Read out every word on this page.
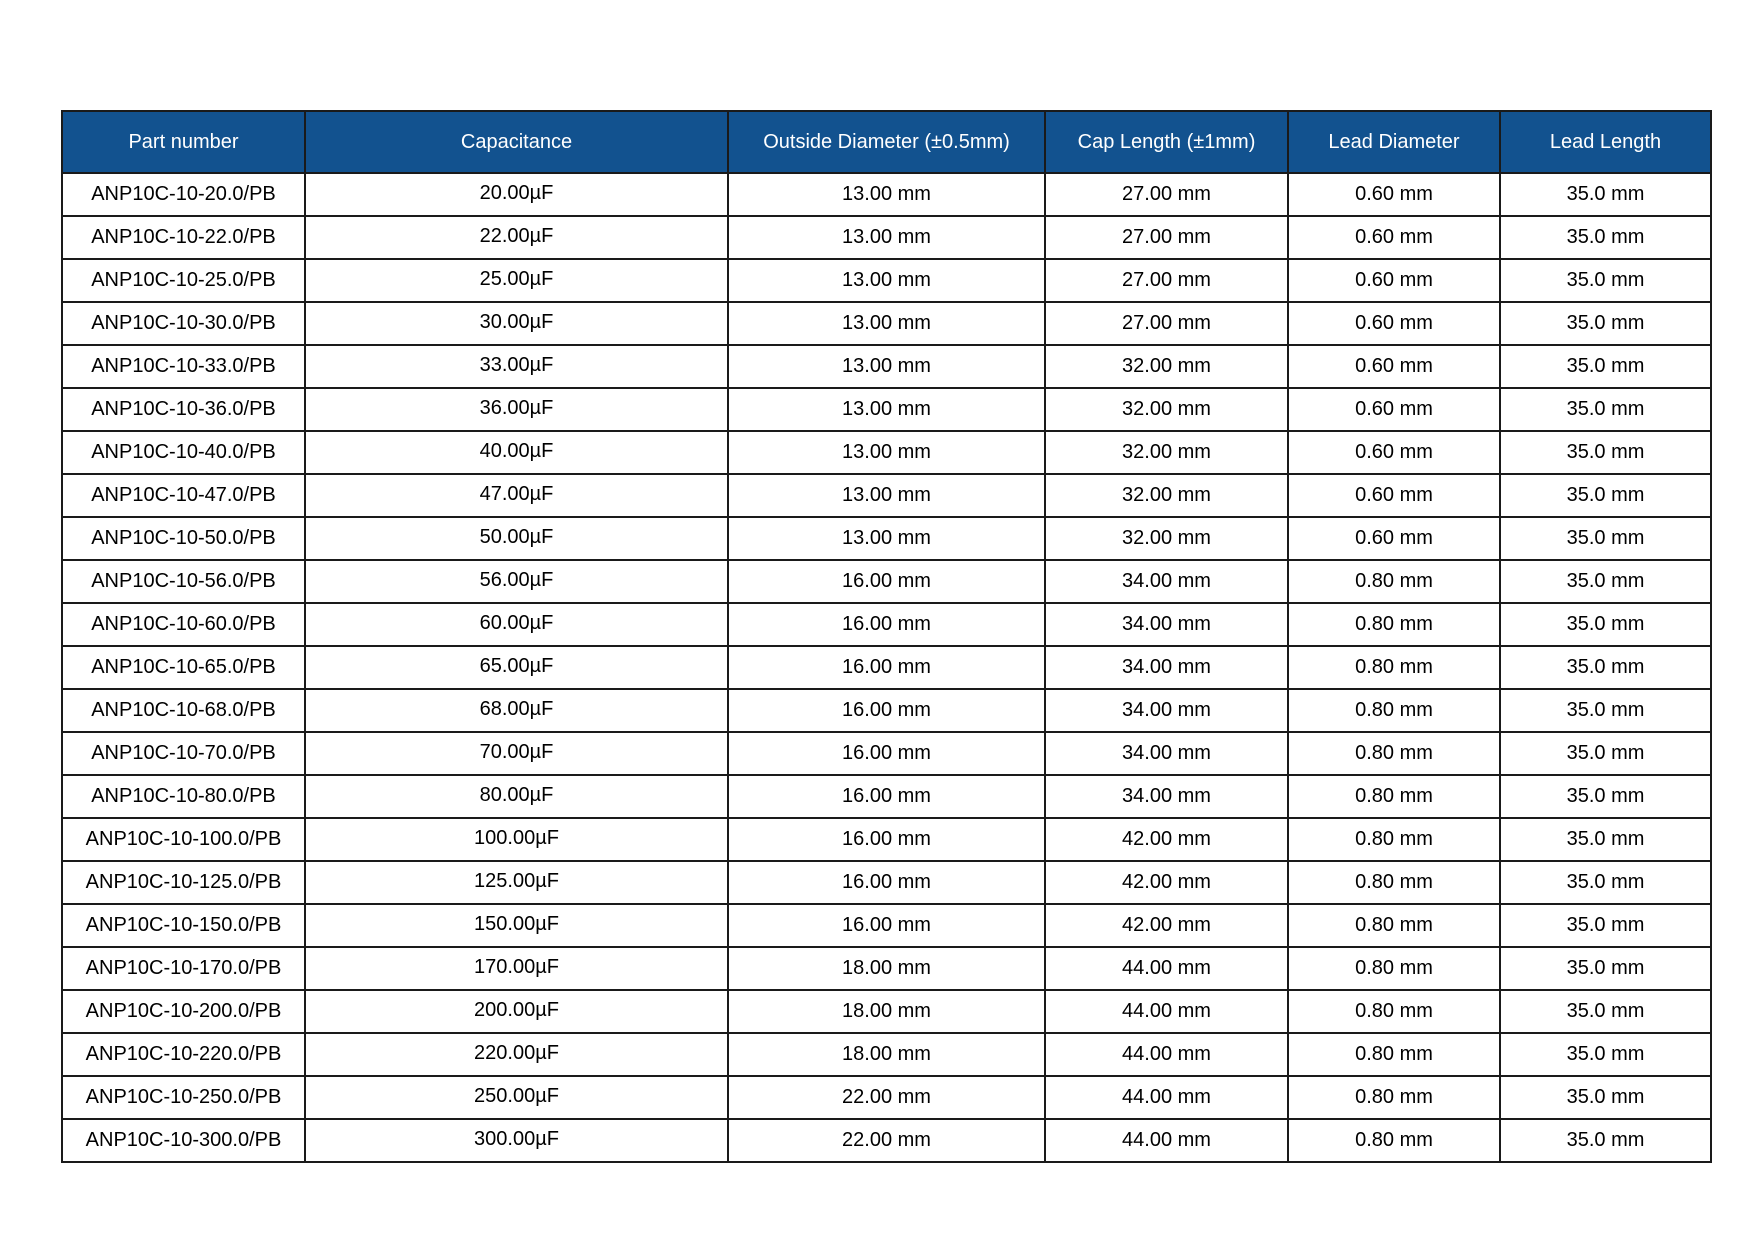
Part number	Capacitance	Outside Diameter (±0.5mm)	Cap Length (±1mm)	Lead Diameter	Lead Length
ANP10C-10-20.0/PB	20.00µF	13.00 mm	27.00 mm	0.60 mm	35.0 mm
ANP10C-10-22.0/PB	22.00µF	13.00 mm	27.00 mm	0.60 mm	35.0 mm
ANP10C-10-25.0/PB	25.00µF	13.00 mm	27.00 mm	0.60 mm	35.0 mm
ANP10C-10-30.0/PB	30.00µF	13.00 mm	27.00 mm	0.60 mm	35.0 mm
ANP10C-10-33.0/PB	33.00µF	13.00 mm	32.00 mm	0.60 mm	35.0 mm
ANP10C-10-36.0/PB	36.00µF	13.00 mm	32.00 mm	0.60 mm	35.0 mm
ANP10C-10-40.0/PB	40.00µF	13.00 mm	32.00 mm	0.60 mm	35.0 mm
ANP10C-10-47.0/PB	47.00µF	13.00 mm	32.00 mm	0.60 mm	35.0 mm
ANP10C-10-50.0/PB	50.00µF	13.00 mm	32.00 mm	0.60 mm	35.0 mm
ANP10C-10-56.0/PB	56.00µF	16.00 mm	34.00 mm	0.80 mm	35.0 mm
ANP10C-10-60.0/PB	60.00µF	16.00 mm	34.00 mm	0.80 mm	35.0 mm
ANP10C-10-65.0/PB	65.00µF	16.00 mm	34.00 mm	0.80 mm	35.0 mm
ANP10C-10-68.0/PB	68.00µF	16.00 mm	34.00 mm	0.80 mm	35.0 mm
ANP10C-10-70.0/PB	70.00µF	16.00 mm	34.00 mm	0.80 mm	35.0 mm
ANP10C-10-80.0/PB	80.00µF	16.00 mm	34.00 mm	0.80 mm	35.0 mm
ANP10C-10-100.0/PB	100.00µF	16.00 mm	42.00 mm	0.80 mm	35.0 mm
ANP10C-10-125.0/PB	125.00µF	16.00 mm	42.00 mm	0.80 mm	35.0 mm
ANP10C-10-150.0/PB	150.00µF	16.00 mm	42.00 mm	0.80 mm	35.0 mm
ANP10C-10-170.0/PB	170.00µF	18.00 mm	44.00 mm	0.80 mm	35.0 mm
ANP10C-10-200.0/PB	200.00µF	18.00 mm	44.00 mm	0.80 mm	35.0 mm
ANP10C-10-220.0/PB	220.00µF	18.00 mm	44.00 mm	0.80 mm	35.0 mm
ANP10C-10-250.0/PB	250.00µF	22.00 mm	44.00 mm	0.80 mm	35.0 mm
ANP10C-10-300.0/PB	300.00µF	22.00 mm	44.00 mm	0.80 mm	35.0 mm
